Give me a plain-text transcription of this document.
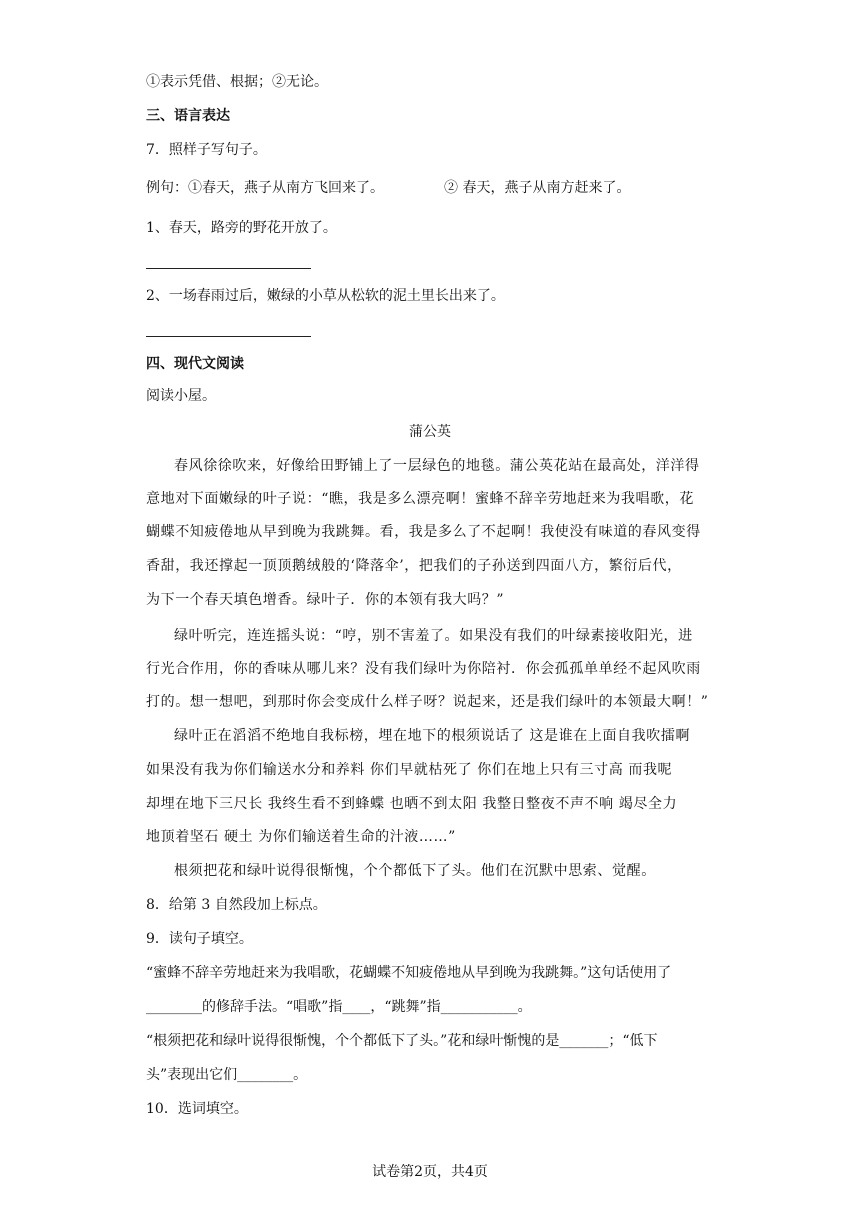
①表示凭借、根据；②无论。
三、语言表达
7．照样子写句子。
例句：①春天，燕子从南方飞回来了。	② 春天，燕子从南方赶来了。
1、春天，路旁的野花开放了。
2、一场春雨过后，嫩绿的小草从松软的泥土里长出来了。
四、现代文阅读
阅读小屋。
蒲公英
春风徐徐吹来，好像给田野铺上了一层绿色的地毯。蒲公英花站在最高处，洋洋得
意地对下面嫩绿的叶子说：“瞧，我是多么漂亮啊！蜜蜂不辞辛劳地赶来为我唱歌，花
蝴蝶不知疲倦地从早到晚为我跳舞。看，我是多么了不起啊！我使没有味道的春风变得
香甜，我还撑起一顶顶鹅绒般的‘降落伞’，把我们的子孙送到四面八方，繁衍后代，
为下一个春天填色增香。绿叶子．你的本领有我大吗？”
绿叶听完，连连摇头说：“哼，别不害羞了。如果没有我们的叶绿素接收阳光，进
行光合作用，你的香味从哪儿来？没有我们绿叶为你陪衬．你会孤孤单单经不起风吹雨
打的。想一想吧，到那时你会变成什么样子呀？说起来，还是我们绿叶的本领最大啊！”
绿叶正在滔滔不绝地自我标榜，埋在地下的根须说话了 这是谁在上面自我吹擂啊
如果没有我为你们输送水分和养料 你们早就枯死了 你们在地上只有三寸高 而我呢
却埋在地下三尺长 我终生看不到蜂蝶 也晒不到太阳 我整日整夜不声不响 竭尽全力
地顶着坚石 硬土 为你们输送着生命的汁液……”
根须把花和绿叶说得很惭愧，个个都低下了头。他们在沉默中思索、觉醒。
8．给第 3 自然段加上标点。
9．读句子填空。
“蜜蜂不辞辛劳地赶来为我唱歌，花蝴蝶不知疲倦地从早到晚为我跳舞。”这句话使用了
________的修辞手法。“唱歌”指____，“跳舞”指___________。
“根须把花和绿叶说得很惭愧，个个都低下了头。”花和绿叶惭愧的是_______；“低下
头”表现出它们________。
10．选词填空。
试卷第2页，共4页
